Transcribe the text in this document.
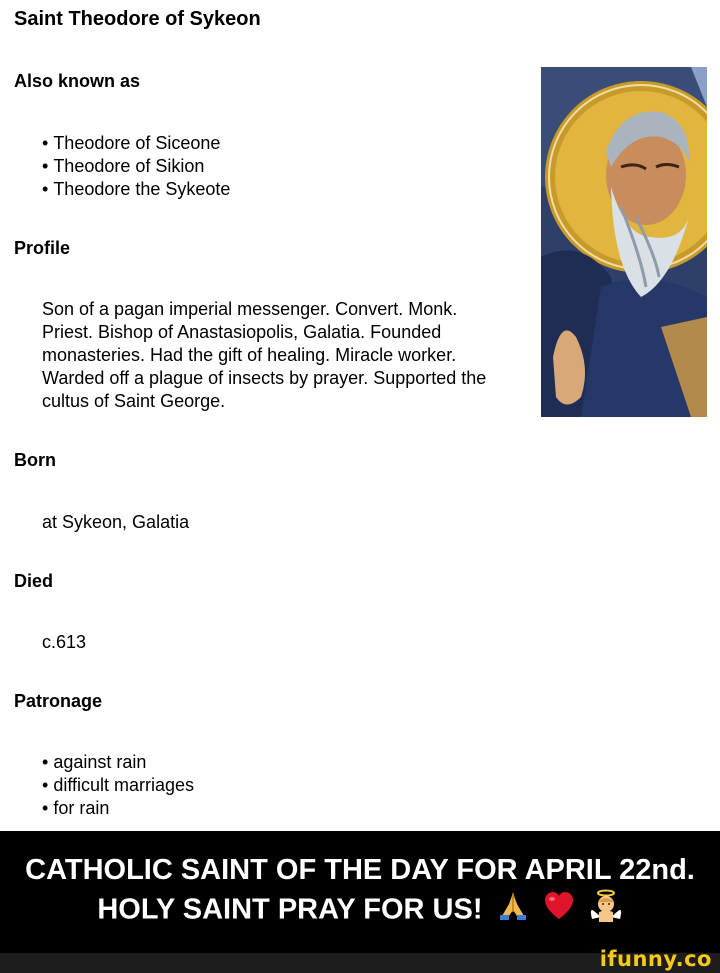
Saint Theodore of Sykeon
Also known as
• Theodore of Siceone
• Theodore of Sikion
• Theodore the Sykeote
Profile
Son of a pagan imperial messenger. Convert. Monk.
Priest. Bishop of Anastasiopolis, Galatia. Founded
monasteries. Had the gift of healing. Miracle worker.
Warded off a plague of insects by prayer. Supported the
cultus of Saint George.
Born
at Sykeon, Galatia
Died
c.613
Patronage
• against rain
• difficult marriages
• for rain
CATHOLIC SAINT OF THE DAY FOR APRIL 22nd.
HOLY SAINT PRAY FOR US!
ifunny.co
